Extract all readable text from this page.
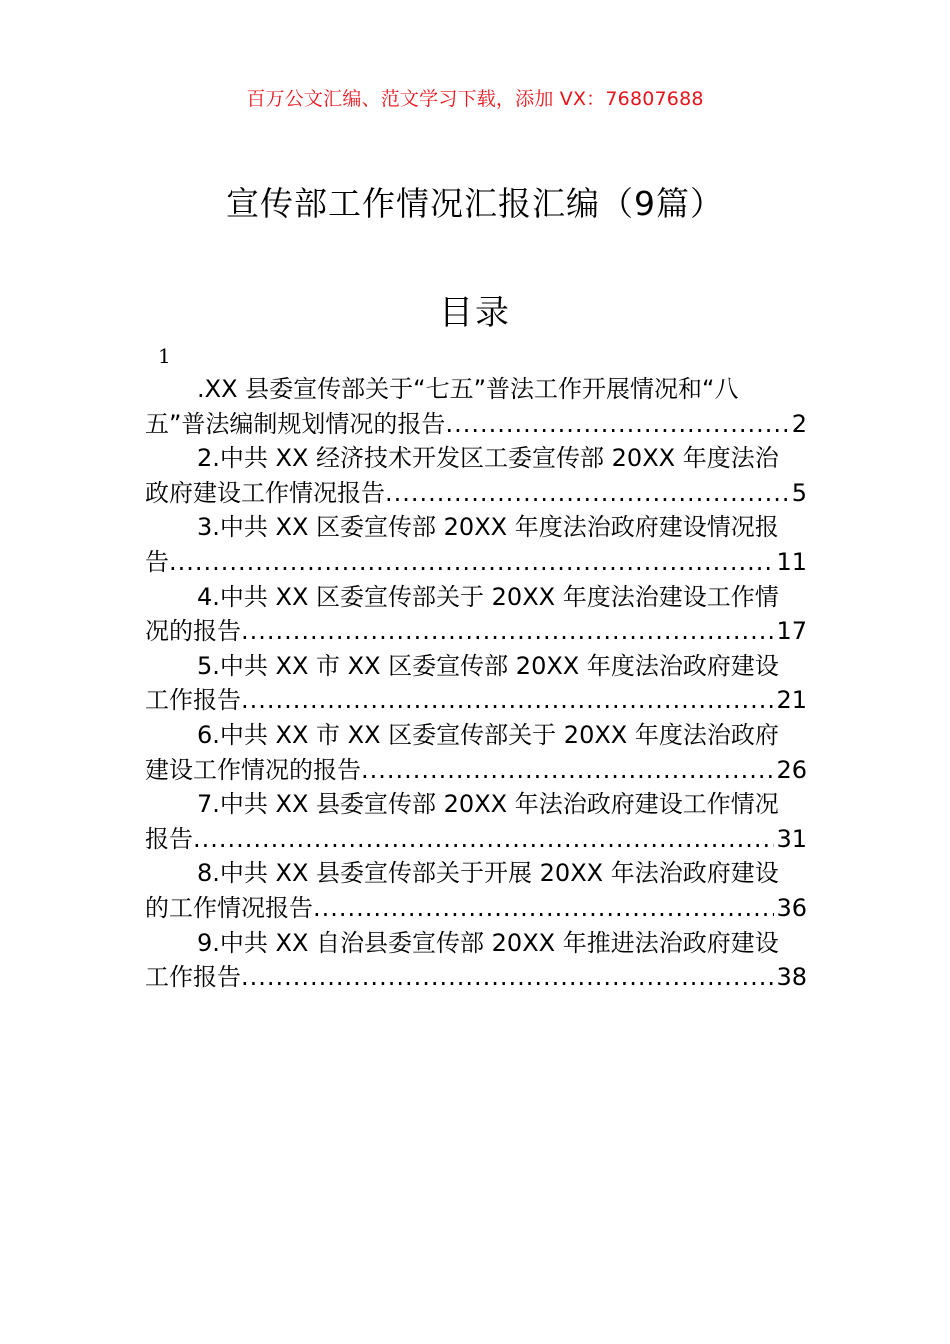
百万公文汇编、范文学习下载，添加 VX：76807688
宣传部工作情况汇报汇编（9篇）
目录
1
.XX 县委宣传部关于“七五”普法工作开展情况和“八
五”普法编制规划情况的报告 .....	2
2.中共 XX 经济技术开发区工委宣传部 20XX 年度法治
政府建设工作情况报告 .....	5
3.中共 XX 区委宣传部 20XX 年度法治政府建设情况报
告 .....	11
4.中共 XX 区委宣传部关于 20XX 年度法治建设工作情
况的报告 .....	17
5.中共 XX 市 XX 区委宣传部 20XX 年度法治政府建设
工作报告 .....	21
6.中共 XX 市 XX 区委宣传部关于 20XX 年度法治政府
建设工作情况的报告 .....	26
7.中共 XX 县委宣传部 20XX 年法治政府建设工作情况
报告 .....	31
8.中共 XX 县委宣传部关于开展 20XX 年法治政府建设
的工作情况报告 .....	36
9.中共 XX 自治县委宣传部 20XX 年推进法治政府建设
工作报告 .....	38
